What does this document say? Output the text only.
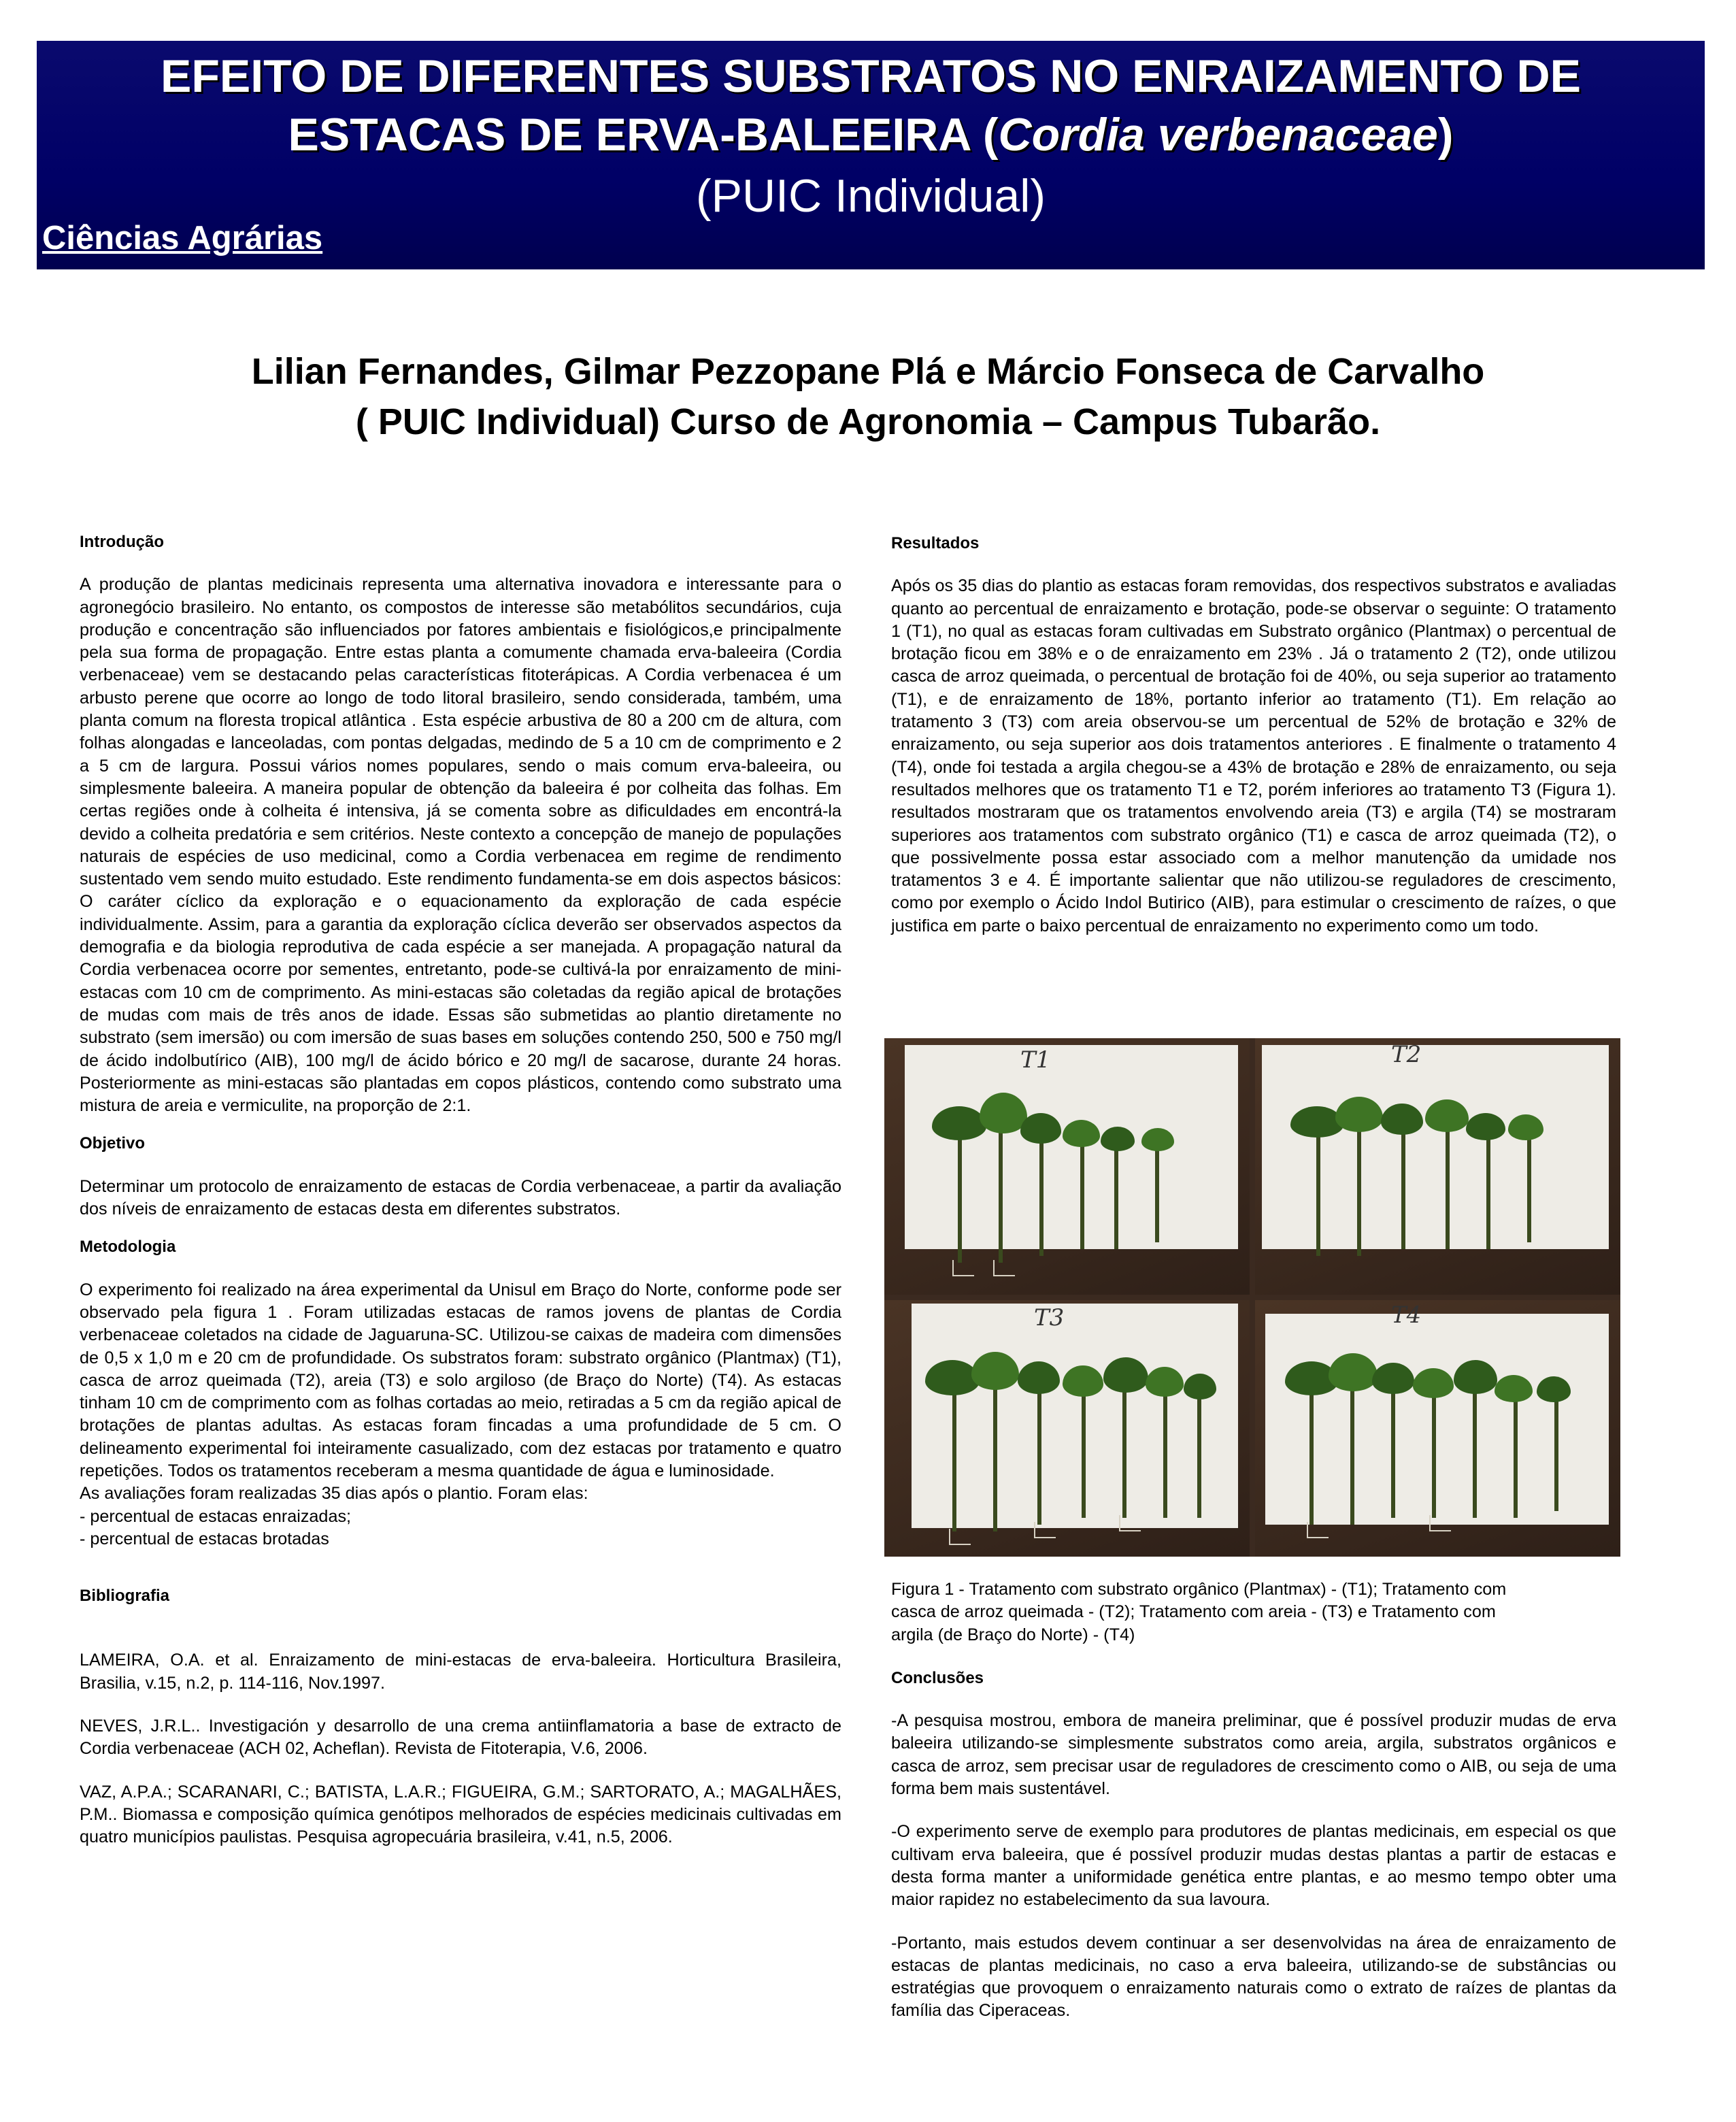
EFEITO DE DIFERENTES SUBSTRATOS NO ENRAIZAMENTO DE
ESTACAS DE ERVA-BALEEIRA (Cordia verbenaceae)
(PUIC Individual)
Ciências Agrárias
Lilian Fernandes, Gilmar Pezzopane Plá e Márcio Fonseca de Carvalho
( PUIC Individual) Curso de Agronomia – Campus Tubarão.

Introdução

A produção de plantas medicinais representa uma alternativa inovadora e interessante para o agronegócio brasileiro. No entanto, os compostos de interesse são metabólitos secundários, cuja produção e concentração são influenciados por fatores ambientais e fisiológicos,e principalmente pela sua forma de propagação. Entre estas planta a comumente chamada erva-baleeira (Cordia verbenaceae) vem se destacando pelas características fitoterápicas. A Cordia verbenacea é um arbusto perene que ocorre ao longo de todo litoral brasileiro, sendo considerada, também, uma planta comum na floresta tropical atlântica . Esta espécie arbustiva de 80 a 200 cm de altura, com folhas alongadas e lanceoladas, com pontas delgadas, medindo de 5 a 10 cm de comprimento e 2 a 5 cm de largura. Possui vários nomes populares, sendo o mais comum erva-baleeira, ou simplesmente baleeira. A maneira popular de obtenção da baleeira é por colheita das folhas. Em certas regiões onde à colheita é intensiva, já se comenta sobre as dificuldades em encontrá-la devido a colheita predatória e sem critérios. Neste contexto a concepção de manejo de populações naturais de espécies de uso medicinal, como a Cordia verbenacea em regime de rendimento sustentado vem sendo muito estudado. Este rendimento fundamenta-se em dois aspectos básicos: O caráter cíclico da exploração e o equacionamento da exploração de cada espécie individualmente. Assim, para a garantia da exploração cíclica deverão ser observados aspectos da demografia e da biologia reprodutiva de cada espécie a ser manejada. A propagação natural da Cordia verbenacea ocorre por sementes, entretanto, pode-se cultivá-la por enraizamento de mini-estacas com 10 cm de comprimento. As mini-estacas são coletadas da região apical de brotações de mudas com mais de três anos de idade. Essas são submetidas ao plantio diretamente no substrato (sem imersão) ou com imersão de suas bases em soluções contendo 250, 500 e 750 mg/l de ácido indolbutírico (AIB), 100 mg/l de ácido bórico e 20 mg/l de sacarose, durante 24 horas. Posteriormente as mini-estacas são plantadas em copos plásticos, contendo como substrato uma mistura de areia e vermiculite, na proporção de 2:1.

Objetivo

Determinar um protocolo de enraizamento de estacas de Cordia verbenaceae, a partir da avaliação dos níveis de enraizamento de estacas desta em diferentes substratos.

Metodologia

O experimento foi realizado na área experimental da Unisul em Braço do Norte, conforme pode ser observado pela figura 1 . Foram utilizadas estacas de ramos jovens de plantas de Cordia verbenaceae coletados na cidade de Jaguaruna-SC. Utilizou-se caixas de madeira com dimensões de 0,5 x 1,0 m e 20 cm de profundidade. Os substratos foram: substrato orgânico (Plantmax) (T1), casca de arroz queimada (T2), areia (T3) e solo argiloso (de Braço do Norte) (T4). As estacas tinham 10 cm de comprimento com as folhas cortadas ao meio, retiradas a 5 cm da região apical de brotações de plantas adultas. As estacas foram fincadas a uma profundidade de 5 cm. O delineamento experimental foi inteiramente casualizado, com dez estacas por tratamento e quatro repetições. Todos os tratamentos receberam a mesma quantidade de água e luminosidade.

As avaliações foram realizadas 35 dias após o plantio. Foram elas:

- percentual de estacas enraizadas;

- percentual de estacas brotadas

Bibliografia

LAMEIRA, O.A. et al. Enraizamento de mini-estacas de erva-baleeira. Horticultura Brasileira, Brasilia, v.15, n.2, p. 114-116, Nov.1997.

NEVES, J.R.L.. Investigación y desarrollo de una crema antiinflamatoria a base de extracto de Cordia verbenaceae (ACH 02, Acheflan). Revista de Fitoterapia, V.6, 2006.

VAZ, A.P.A.; SCARANARI, C.; BATISTA, L.A.R.; FIGUEIRA, G.M.; SARTORATO, A.; MAGALHÃES, P.M.. Biomassa e composição química genótipos melhorados de espécies medicinais cultivadas em quatro municípios paulistas. Pesquisa agropecuária brasileira, v.41, n.5, 2006.

Resultados

Após os 35 dias do plantio as estacas foram removidas, dos respectivos substratos e avaliadas quanto ao percentual de enraizamento e brotação, pode-se observar o seguinte: O tratamento 1 (T1), no qual as estacas foram cultivadas em Substrato orgânico (Plantmax) o percentual de brotação ficou em 38% e o de enraizamento em 23% . Já o tratamento 2 (T2), onde utilizou casca de arroz queimada, o percentual de brotação foi de 40%, ou seja superior ao tratamento (T1), e de enraizamento de 18%, portanto inferior ao tratamento (T1). Em relação ao tratamento 3 (T3) com areia observou-se um percentual de 52% de brotação e 32% de enraizamento, ou seja superior aos dois tratamentos anteriores . E finalmente o tratamento 4 (T4), onde foi testada a argila chegou-se a 43% de brotação e 28% de enraizamento, ou seja resultados melhores que os tratamento T1 e T2, porém inferiores ao tratamento T3 (Figura 1). resultados mostraram que os tratamentos envolvendo areia (T3) e argila (T4) se mostraram superiores aos tratamentos com substrato orgânico (T1) e casca de arroz queimada (T2), o que possivelmente possa estar associado com a melhor manutenção da umidade nos tratamentos 3 e 4. É importante salientar que não utilizou-se reguladores de crescimento, como por exemplo o Ácido Indol Butirico (AIB), para estimular o crescimento de raízes, o que justifica em parte o baixo percentual de enraizamento no experimento como um todo.

T1	T2
T3	T4

Figura 1 - Tratamento com substrato orgânico (Plantmax) - (T1); Tratamento com

casca de arroz queimada - (T2); Tratamento com areia - (T3) e Tratamento com

argila (de Braço do Norte) - (T4)

Conclusões

-A pesquisa mostrou, embora de maneira preliminar, que é possível produzir mudas de erva baleeira utilizando-se simplesmente substratos como areia, argila, substratos orgânicos e casca de arroz, sem precisar usar de reguladores de crescimento como o AIB, ou seja de uma forma bem mais sustentável.

-O experimento serve de exemplo para produtores de plantas medicinais, em especial os que cultivam erva baleeira, que é possível produzir mudas destas plantas a partir de estacas e desta forma manter a uniformidade genética entre plantas, e ao mesmo tempo obter uma maior rapidez no estabelecimento da sua lavoura.

-Portanto, mais estudos devem continuar a ser desenvolvidas na área de enraizamento de estacas de plantas medicinais, no caso a erva baleeira, utilizando-se de substâncias ou estratégias que provoquem o enraizamento naturais como o extrato de raízes de plantas da família das Ciperaceas.
